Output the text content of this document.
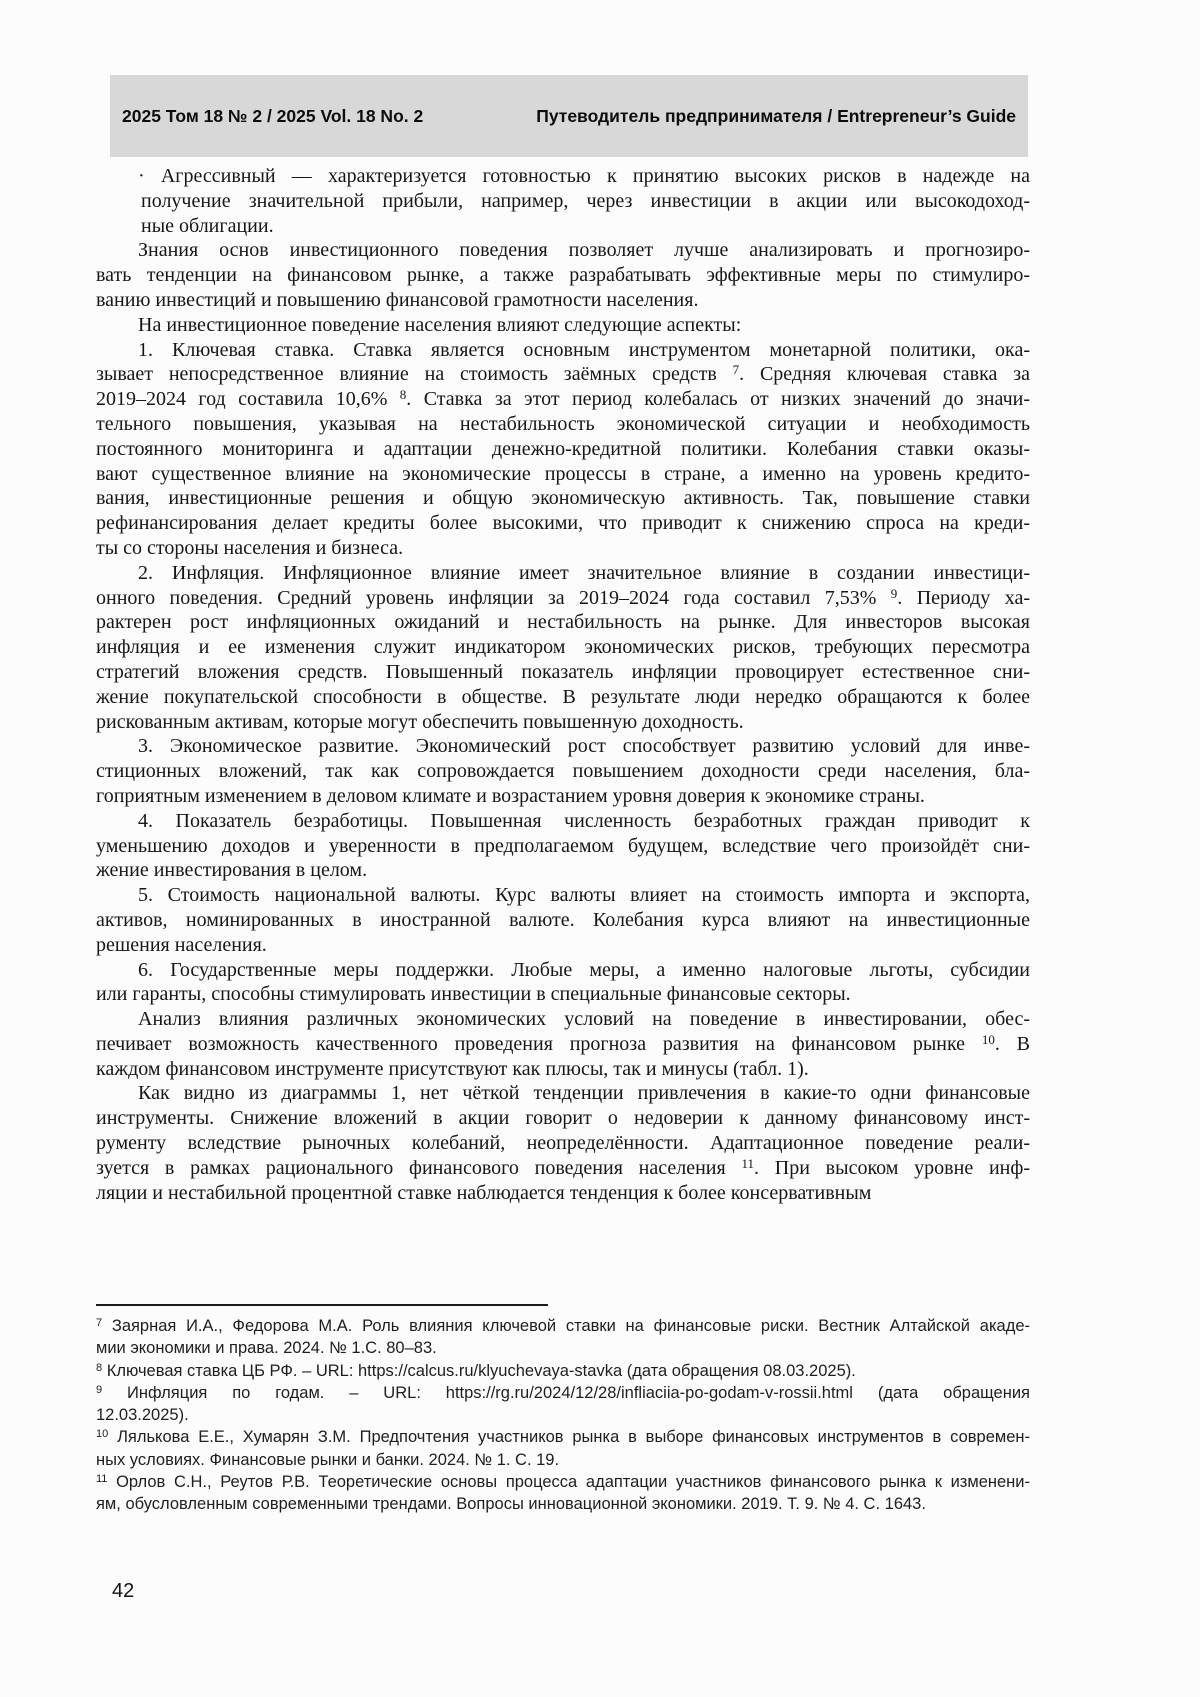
2025 Том 18 № 2 / 2025 Vol. 18 No. 2	Путеводитель предпринимателя / Entrepreneur’s Guide
· Агрессивный — характеризуется готовностью к принятию высоких рисков в надежде на
получение значительной прибыли, например, через инвестиции в акции или высокодоход-
ные облигации.
Знания основ инвестиционного поведения позволяет лучше анализировать и прогнозиро-
вать тенденции на финансовом рынке, а также разрабатывать эффективные меры по стимулиро-
ванию инвестиций и повышению финансовой грамотности населения.
На инвестиционное поведение населения влияют следующие аспекты:
1. Ключевая ставка. Ставка является основным инструментом монетарной политики, ока-
зывает непосредственное влияние на стоимость заёмных средств $^7$. Средняя ключевая ставка за
2019–2024 год составила 10,6% $^8$. Ставка за этот период колебалась от низких значений до значи-
тельного повышения, указывая на нестабильность экономической ситуации и необходимость
постоянного мониторинга и адаптации денежно-кредитной политики. Колебания ставки оказы-
вают существенное влияние на экономические процессы в стране, а именно на уровень кредито-
вания, инвестиционные решения и общую экономическую активность. Так, повышение ставки
рефинансирования делает кредиты более высокими, что приводит к снижению спроса на креди-
ты со стороны населения и бизнеса.
2. Инфляция. Инфляционное влияние имеет значительное влияние в создании инвестици-
онного поведения. Средний уровень инфляции за 2019–2024 года составил 7,53% $^9$. Периоду ха-
рактерен рост инфляционных ожиданий и нестабильность на рынке. Для инвесторов высокая
инфляция и ее изменения служит индикатором экономических рисков, требующих пересмотра
стратегий вложения средств. Повышенный показатель инфляции провоцирует естественное сни-
жение покупательской способности в обществе. В результате люди нередко обращаются к более
рискованным активам, которые могут обеспечить повышенную доходность.
3. Экономическое развитие. Экономический рост способствует развитию условий для инве-
стиционных вложений, так как сопровождается повышением доходности среди населения, бла-
гоприятным изменением в деловом климате и возрастанием уровня доверия к экономике страны.
4. Показатель безработицы. Повышенная численность безработных граждан приводит к
уменьшению доходов и уверенности в предполагаемом будущем, вследствие чего произойдёт сни-
жение инвестирования в целом.
5. Стоимость национальной валюты. Курс валюты влияет на стоимость импорта и экспорта,
активов, номинированных в иностранной валюте. Колебания курса влияют на инвестиционные
решения населения.
6. Государственные меры поддержки. Любые меры, а именно налоговые льготы, субсидии
или гаранты, способны стимулировать инвестиции в специальные финансовые секторы.
Анализ влияния различных экономических условий на поведение в инвестировании, обес-
печивает возможность качественного проведения прогноза развития на финансовом рынке $^{10}$. В
каждом финансовом инструменте присутствуют как плюсы, так и минусы (табл. 1).
Как видно из диаграммы 1, нет чёткой тенденции привлечения в какие-то одни финансовые
инструменты. Снижение вложений в акции говорит о недоверии к данному финансовому инст-
рументу вследствие рыночных колебаний, неопределённости. Адаптационное поведение реали-
зуется в рамках рационального финансового поведения населения $^{11}$. При высоком уровне инф-
ляции и нестабильной процентной ставке наблюдается тенденция к более консервативным
$^7$ Заярная И.А., Федорова М.А. Роль влияния ключевой ставки на финансовые риски. Вестник Алтайской акаде-
мии экономики и права. 2024. № 1.С. 80–83.
$^8$ Ключевая ставка ЦБ РФ. – URL: https://calcus.ru/klyuchevaya-stavka (дата обращения 08.03.2025).
$^9$ Инфляция по годам. – URL: https://rg.ru/2024/12/28/infliaciia-po-godam-v-rossii.html (дата обращения
12.03.2025).
$^{10}$ Лялькова Е.Е., Хумарян З.М. Предпочтения участников рынка в выборе финансовых инструментов в современ-
ных условиях. Финансовые рынки и банки. 2024. № 1. С. 19.
$^{11}$ Орлов С.Н., Реутов Р.В. Теоретические основы процесса адаптации участников финансового рынка к изменени-
ям, обусловленным современными трендами. Вопросы инновационной экономики. 2019. Т. 9. № 4. С. 1643.
42
